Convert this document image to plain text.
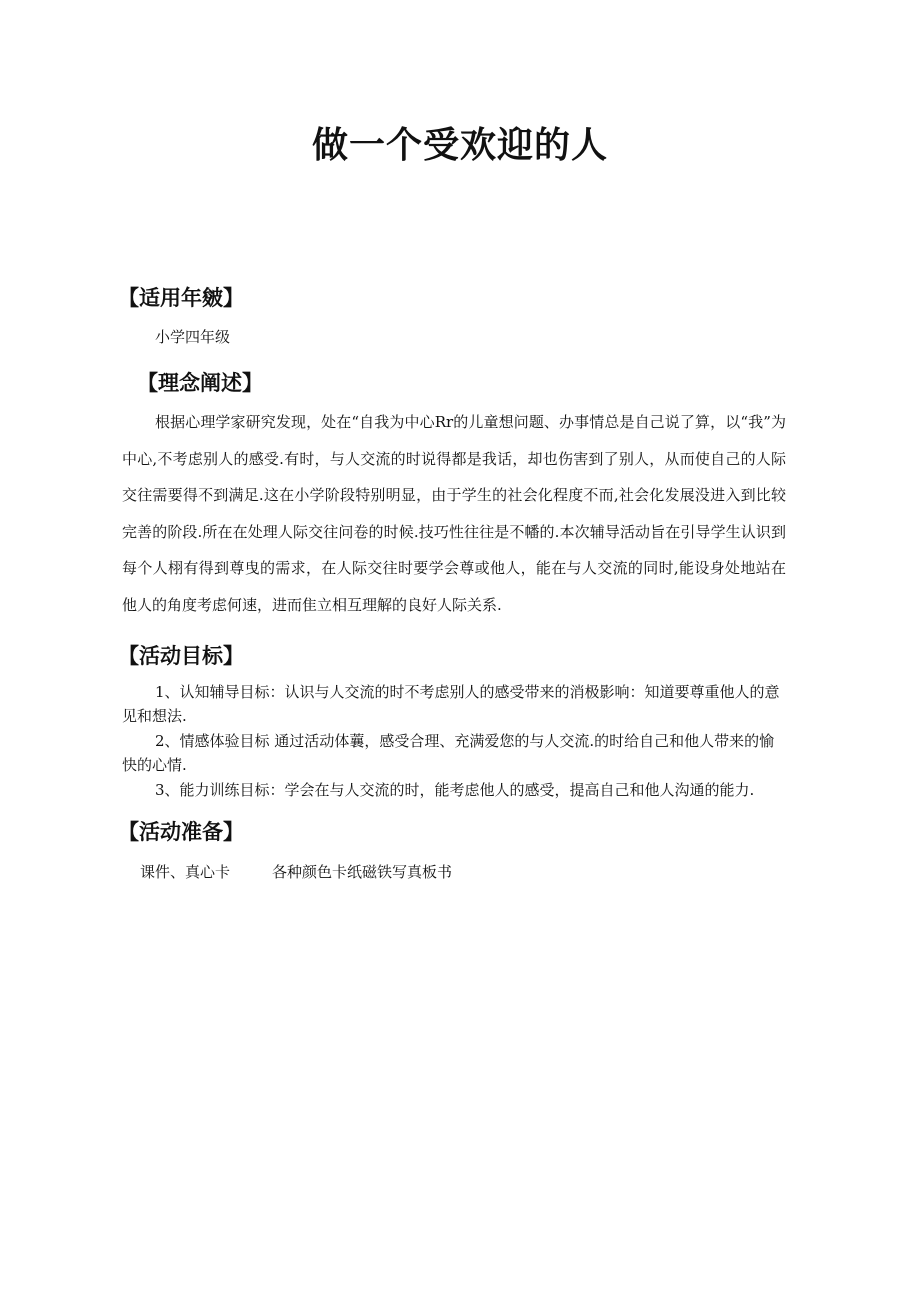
做一个受欢迎的人
【适用年皴】
小学四年级
【理念阐述】
根据心理学家研究发现，处在“自我为中心Rr的儿童想问题、办事情总是自己说了算，以“我”为中心,不考虑别人的感受.有时，与人交流的时说得都是我话，却也伤害到了别人，从而使自己的人际交往需要得不到满足.这在小学阶段特别明显，由于学生的社会化程度不而,社会化发展没进入到比较完善的阶段.所在在处理人际交往问卷的时候.技巧性往往是不幡的.本次辅导活动旨在引导学生认识到每个人栩有得到尊曳的需求，在人际交往时要学会尊或他人，能在与人交流的同时,能设身处地站在他人的角度考虑何速，进而隹立相互理解的良好人际关系.
【活动目标】
1、认知辅导目标：认识与人交流的时不考虑别人的感受带来的消极影响：知道要尊重他人的意见和想法.
2、情感体验目标 通过活动体蘘，感受合理、充满爱您的与人交流.的时给自己和他人带来的愉快的心情.
3、能力训练目标：学会在与人交流的时，能考虑他人的感受，提高自己和他人沟通的能力.
【活动准备】
课件、真心卡	各种颜色卡纸磁铁写真板书
